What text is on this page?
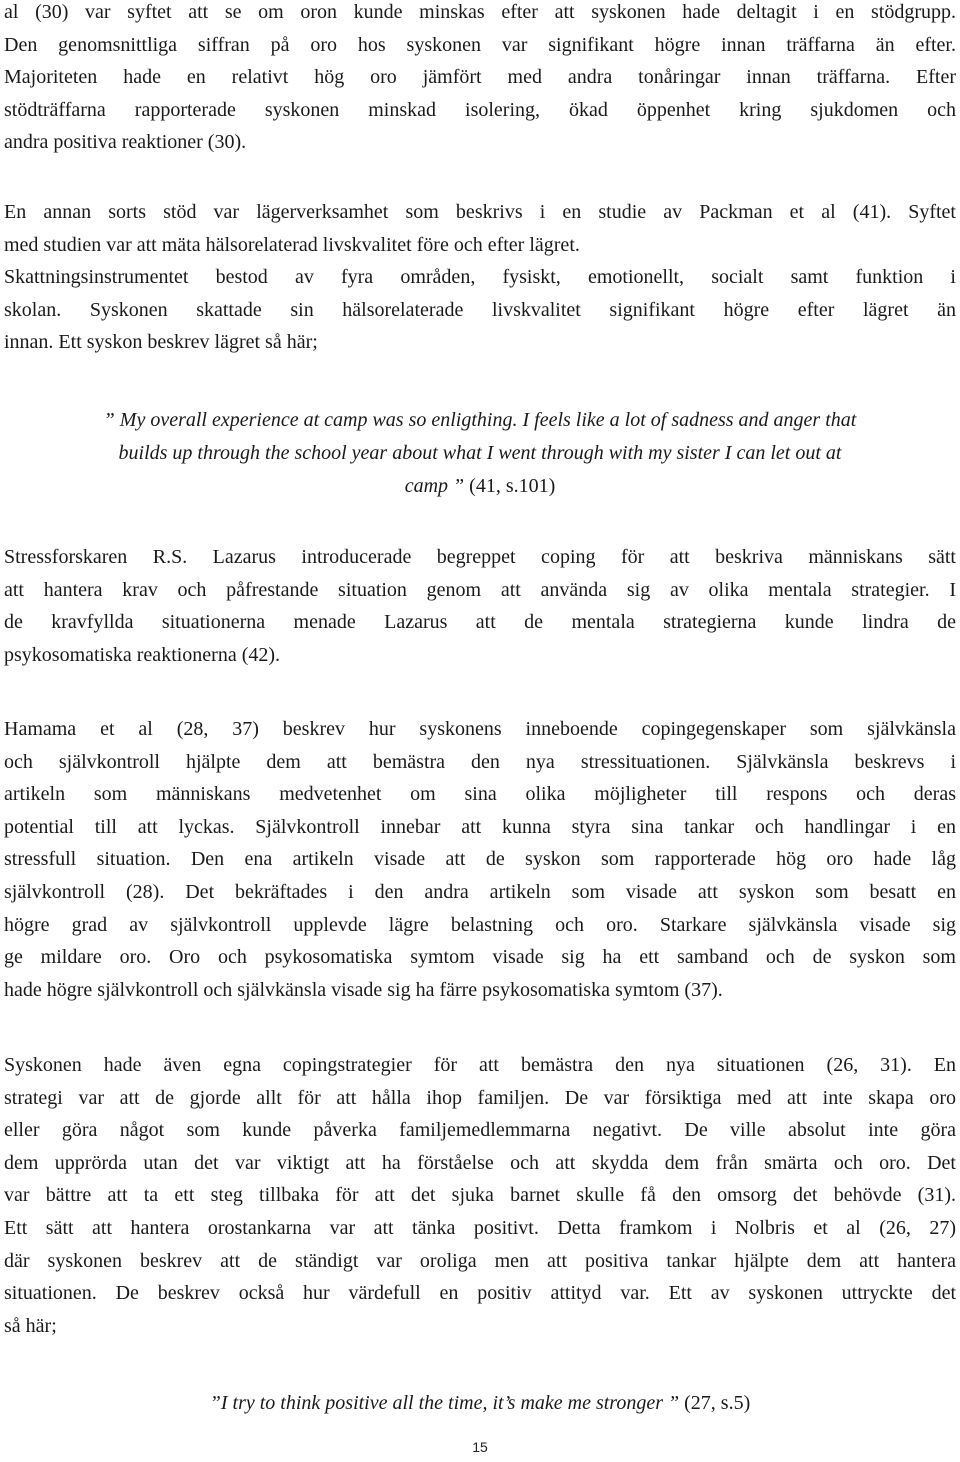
al (30) var syftet att se om oron kunde minskas efter att syskonen hade deltagit i en stödgrupp.
Den genomsnittliga siffran på oro hos syskonen var signifikant högre innan träffarna än efter.
Majoriteten hade en relativt hög oro jämfört med andra tonåringar innan träffarna. Efter
stödträffarna rapporterade syskonen minskad isolering, ökad öppenhet kring sjukdomen och
andra positiva reaktioner (30).
En annan sorts stöd var lägerverksamhet som beskrivs i en studie av Packman et al (41). Syftet
med studien var att mäta hälsorelaterad livskvalitet före och efter lägret.
Skattningsinstrumentet bestod av fyra områden, fysiskt, emotionellt, socialt samt funktion i
skolan. Syskonen skattade sin hälsorelaterade livskvalitet signifikant högre efter lägret än
innan. Ett syskon beskrev lägret så här;
” My overall experience at camp was so enligthing. I feels like a lot of sadness and anger that
builds up through the school year about what I went through with my sister I can let out at
camp ” (41, s.101)
Stressforskaren R.S. Lazarus introducerade begreppet coping för att beskriva människans sätt
att hantera krav och påfrestande situation genom att använda sig av olika mentala strategier. I
de kravfyllda situationerna menade Lazarus att de mentala strategierna kunde lindra de
psykosomatiska reaktionerna (42).
Hamama et al (28, 37) beskrev hur syskonens inneboende copingegenskaper som självkänsla
och självkontroll hjälpte dem att bemästra den nya stressituationen. Självkänsla beskrevs i
artikeln som människans medvetenhet om sina olika möjligheter till respons och deras
potential till att lyckas. Självkontroll innebar att kunna styra sina tankar och handlingar i en
stressfull situation. Den ena artikeln visade att de syskon som rapporterade hög oro hade låg
självkontroll (28). Det bekräftades i den andra artikeln som visade att syskon som besatt en
högre grad av självkontroll upplevde lägre belastning och oro. Starkare självkänsla visade sig
ge mildare oro. Oro och psykosomatiska symtom visade sig ha ett samband och de syskon som
hade högre självkontroll och självkänsla visade sig ha färre psykosomatiska symtom (37).
Syskonen hade även egna copingstrategier för att bemästra den nya situationen (26, 31). En
strategi var att de gjorde allt för att hålla ihop familjen. De var försiktiga med att inte skapa oro
eller göra något som kunde påverka familjemedlemmarna negativt. De ville absolut inte göra
dem upprörda utan det var viktigt att ha förståelse och att skydda dem från smärta och oro. Det
var bättre att ta ett steg tillbaka för att det sjuka barnet skulle få den omsorg det behövde (31).
Ett sätt att hantera orostankarna var att tänka positivt. Detta framkom i Nolbris et al (26, 27)
där syskonen beskrev att de ständigt var oroliga men att positiva tankar hjälpte dem att hantera
situationen. De beskrev också hur värdefull en positiv attityd var. Ett av syskonen uttryckte det
så här;
”I try to think positive all the time, it’s make me stronger ” (27, s.5)
15
